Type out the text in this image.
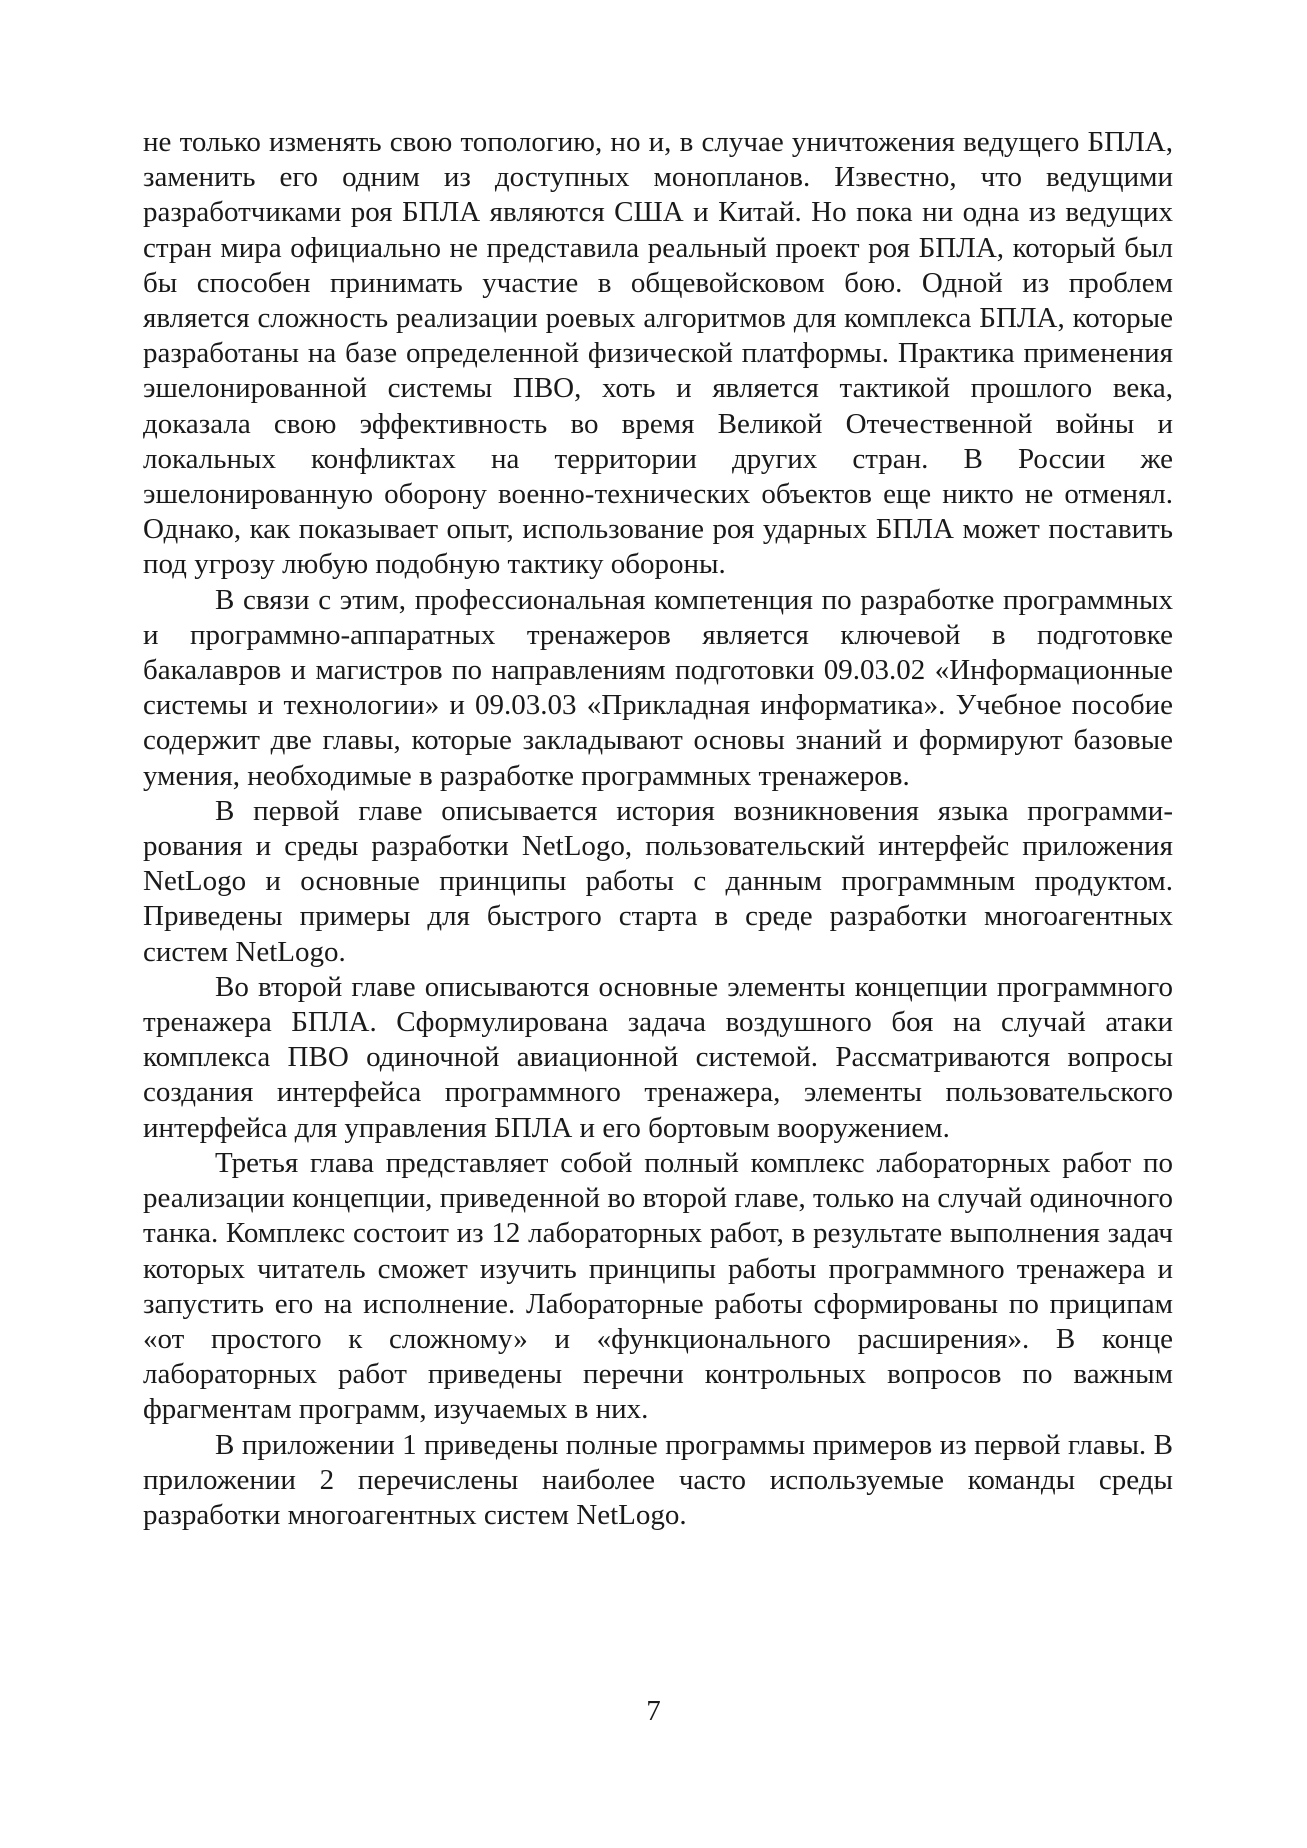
не только изменять свою топологию, но и, в случае уничтожения ведущего БПЛА, заменить его одним из доступных монопланов. Известно, что ведущими разработчиками роя БПЛА являются США и Китай. Но пока ни одна из ведущих стран мира официально не представила реальный проект роя БПЛА, который был бы способен принимать участие в общевойсковом бою. Одной из проблем является сложность реализации роевых алгоритмов для комплекса БПЛА, которые разработаны на базе определенной физической платформы. Практика применения эшелонированной системы ПВО, хоть и является тактикой прошлого века, доказала свою эффективность во время Великой Отечественной войны и локальных конфликтах на территории других стран. В России же эшелонированную оборону военно-технических объектов еще никто не отменял. Однако, как показывает опыт, использование роя ударных БПЛА может поставить под угрозу любую подобную тактику обороны.

В связи с этим, профессиональная компетенция по разработке программных и программно-аппаратных тренажеров является ключевой в подготовке бакалавров и магистров по направлениям подготовки 09.03.02 «Информационные системы и технологии» и 09.03.03 «Прикладная информатика». Учебное пособие содержит две главы, которые закладывают основы знаний и формируют базовые умения, необходимые в разработке программных тренажеров.

В первой главе описывается история возникновения языка программирования и среды разработки NetLogo, пользовательский интерфейс приложения NetLogo и основные принципы работы с данным программным продуктом. Приведены примеры для быстрого старта в среде разработки многоагентных систем NetLogo.

Во второй главе описываются основные элементы концепции программного тренажера БПЛА. Сформулирована задача воздушного боя на случай атаки комплекса ПВО одиночной авиационной системой. Рассматриваются вопросы создания интерфейса программного тренажера, элементы пользовательского интерфейса для управления БПЛА и его бортовым вооружением.

Третья глава представляет собой полный комплекс лабораторных работ по реализации концепции, приведенной во второй главе, только на случай одиночного танка. Комплекс состоит из 12 лабораторных работ, в результате выполнения задач которых читатель сможет изучить принципы работы программного тренажера и запустить его на исполнение. Лабораторные работы сформированы по приципам «от простого к сложному» и «функционального расширения». В конце лабораторных работ приведены перечни контрольных вопросов по важным фрагментам программ, изучаемых в них.

В приложении 1 приведены полные программы примеров из первой главы. В приложении 2 перечислены наиболее часто используемые команды среды разработки многоагентных систем NetLogo.

7
